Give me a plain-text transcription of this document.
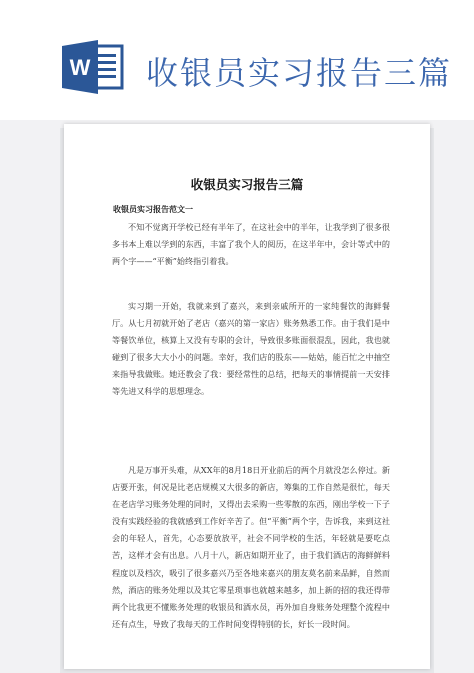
W 收银员实习报告三篇
收银员实习报告三篇
收银员实习报告范文一

不知不觉离开学校已经有半年了，在这社会中的半年，让我学到了很多很多书本上难以学到的东西，丰富了我个人的阅历，在这半年中，会计等式中的两个字——“平衡”始终指引着我。

实习期一开始，我就来到了嘉兴，来到亲戚所开的一家纯餐饮的海鲜餐厅。从七月初就开始了老店（嘉兴的第一家店）账务熟悉工作。由于我们是中等餐饮单位，核算上又没有专职的会计，导致很多账面很混乱，因此，我也就碰到了很多大大小小的问题。幸好，我们店的股东——姑姑，能百忙之中抽空来指导我做账。她还教会了我：要经常性的总结，把每天的事情提前一天安排等先进又科学的思想理念。

凡是万事开头难，从XX年的8月18日开业前后的两个月就没怎么停过。新店要开张，何况是比老店规模又大很多的新店，筹集的工作自然是很忙，每天在老店学习账务处理的同时，又得出去采购一些零散的东西，刚出学校一下子没有实践经验的我就感到工作好辛苦了。但“平衡”两个字，告诉我，来到这社会的年轻人，首先，心态要放放平，社会不同学校的生活，年轻就是要吃点苦，这样才会有出息。八月十八，新店如期开业了，由于我们酒店的海鲜鲜料程度以及档次，吸引了很多嘉兴乃至各地来嘉兴的朋友莫名前来品鲜，自然而然，酒店的账务处理以及其它零星琐事也就越来越多，加上新的招的我还得带两个比我更不懂账务处理的收银员和酒水员，再外加自身账务处理整个流程中还有点生，导致了我每天的工作时间变得特别的长，好长一段时间。
